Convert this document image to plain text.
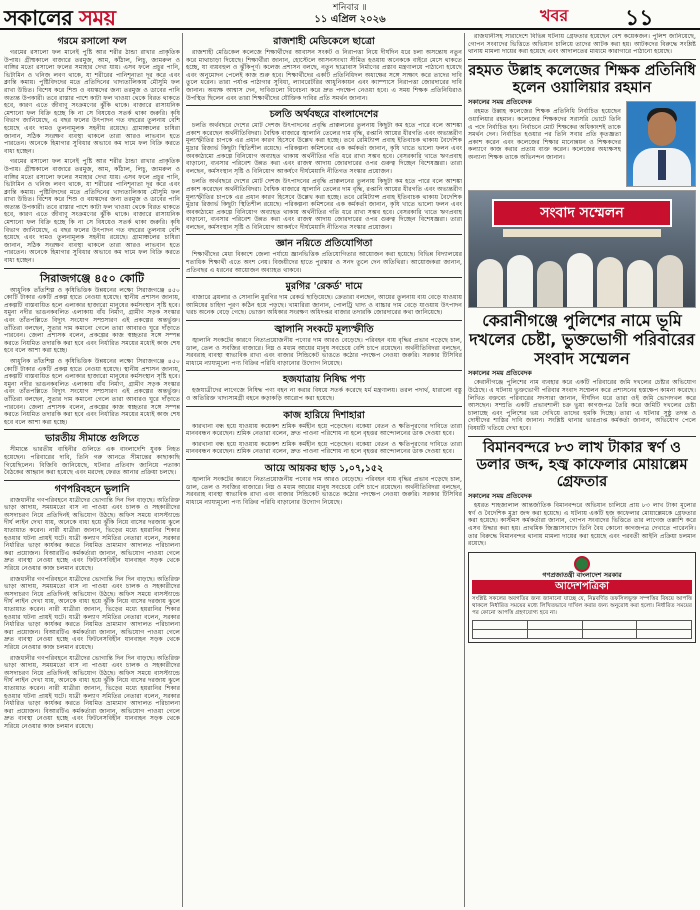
সকালের সময়	শনিবার ॥
১১ এপ্রিল ২০২৬	খবর	১১
গরমে রসালো ফল

গরমের রসালো ফল মানেই পুষ্টি আর শরীর ঠান্ডা রাখার প্রাকৃতিক উপায়। গ্রীষ্মকালে বাজারে তরমুজ, আম, কাঁঠাল, লিচু, জামরুল ও বাঙ্গির মতো রসালো ফলের সমাহার দেখা যায়। এসব ফলে প্রচুর পানি, ভিটামিন ও খনিজ লবণ থাকে, যা শরীরের পানিশূন্যতা দূর করে এবং ক্লান্তি কমায়। পুষ্টিবিদদের মতে প্রতিদিনের খাদ্যতালিকায় মৌসুমি ফল রাখা উচিত। বিশেষ করে শিশু ও বয়স্কদের জন্য তরমুজ ও ডাবের পানি অত্যন্ত উপকারী। তবে রাস্তার পাশে কাটা ফল খাওয়া থেকে বিরত থাকতে হবে, কারণ এতে জীবাণু সংক্রমণের ঝুঁকি থাকে। বাজারে রাসায়নিক মেশানো ফল বিক্রি হচ্ছে কি না সে বিষয়েও সতর্ক থাকা জরুরি। কৃষি বিভাগ জানিয়েছে, এ বছর ফলের উৎপাদন গত বছরের তুলনায় বেশি হয়েছে এবং দামও তুলনামূলক সহনীয় রয়েছে। গ্রামাঞ্চলের চাষিরা জানান, সঠিক সংরক্ষণ ব্যবস্থা থাকলে তারা আরও লাভবান হতে পারতেন। অনেকে হিমাগার সুবিধার অভাবে কম দামে ফল বিক্রি করতে বাধ্য হচ্ছেন।

গরমের রসালো ফল মানেই পুষ্টি আর শরীর ঠান্ডা রাখার প্রাকৃতিক উপায়। গ্রীষ্মকালে বাজারে তরমুজ, আম, কাঁঠাল, লিচু, জামরুল ও বাঙ্গির মতো রসালো ফলের সমাহার দেখা যায়। এসব ফলে প্রচুর পানি, ভিটামিন ও খনিজ লবণ থাকে, যা শরীরের পানিশূন্যতা দূর করে এবং ক্লান্তি কমায়। পুষ্টিবিদদের মতে প্রতিদিনের খাদ্যতালিকায় মৌসুমি ফল রাখা উচিত। বিশেষ করে শিশু ও বয়স্কদের জন্য তরমুজ ও ডাবের পানি অত্যন্ত উপকারী। তবে রাস্তার পাশে কাটা ফল খাওয়া থেকে বিরত থাকতে হবে, কারণ এতে জীবাণু সংক্রমণের ঝুঁকি থাকে। বাজারে রাসায়নিক মেশানো ফল বিক্রি হচ্ছে কি না সে বিষয়েও সতর্ক থাকা জরুরি। কৃষি বিভাগ জানিয়েছে, এ বছর ফলের উৎপাদন গত বছরের তুলনায় বেশি হয়েছে এবং দামও তুলনামূলক সহনীয় রয়েছে। গ্রামাঞ্চলের চাষিরা জানান, সঠিক সংরক্ষণ ব্যবস্থা থাকলে তারা আরও লাভবান হতে পারতেন। অনেকে হিমাগার সুবিধার অভাবে কম দামে ফল বিক্রি করতে বাধ্য হচ্ছেন।

সিরাজগঞ্জে ৪৫০ কোটি

আধুনিক তাঁতশিল্প ও কৃষিভিত্তিক উন্নয়নের লক্ষ্যে সিরাজগঞ্জে ৪৫০ কোটি টাকার একটি প্রকল্প হাতে নেওয়া হয়েছে। স্থানীয় প্রশাসন জানায়, প্রকল্পটি বাস্তবায়িত হলে এলাকার হাজারো মানুষের কর্মসংস্থান সৃষ্টি হবে। যমুনা নদীর ভাঙনকবলিত এলাকায় বাঁধ নির্মাণ, গ্রামীণ সড়ক সংস্কার এবং তাঁতপল্লিতে বিদ্যুৎ সংযোগ সম্প্রসারণ এই প্রকল্পের অন্তর্ভুক্ত। তাঁতিরা বলছেন, সুতার দাম কমানো গেলে তারা আবারও ঘুরে দাঁড়াতে পারবেন। জেলা প্রশাসক বলেন, প্রকল্পের কাজ স্বচ্ছতার সঙ্গে সম্পন্ন করতে নিয়মিত তদারকি করা হবে এবং নির্ধারিত সময়ের মধ্যেই কাজ শেষ হবে বলে আশা করা হচ্ছে।

আধুনিক তাঁতশিল্প ও কৃষিভিত্তিক উন্নয়নের লক্ষ্যে সিরাজগঞ্জে ৪৫০ কোটি টাকার একটি প্রকল্প হাতে নেওয়া হয়েছে। স্থানীয় প্রশাসন জানায়, প্রকল্পটি বাস্তবায়িত হলে এলাকার হাজারো মানুষের কর্মসংস্থান সৃষ্টি হবে। যমুনা নদীর ভাঙনকবলিত এলাকায় বাঁধ নির্মাণ, গ্রামীণ সড়ক সংস্কার এবং তাঁতপল্লিতে বিদ্যুৎ সংযোগ সম্প্রসারণ এই প্রকল্পের অন্তর্ভুক্ত। তাঁতিরা বলছেন, সুতার দাম কমানো গেলে তারা আবারও ঘুরে দাঁড়াতে পারবেন। জেলা প্রশাসক বলেন, প্রকল্পের কাজ স্বচ্ছতার সঙ্গে সম্পন্ন করতে নিয়মিত তদারকি করা হবে এবং নির্ধারিত সময়ের মধ্যেই কাজ শেষ হবে বলে আশা করা হচ্ছে।

ভারতীয় সীমান্তে গুলিতে

সীমান্তে ভারতীয় বাহিনীর গুলিতে এক বাংলাদেশি যুবক নিহত হয়েছেন। পরিবারের দাবি, তিনি গরু আনতে সীমান্তের কাছাকাছি গিয়েছিলেন। বিজিবি জানিয়েছে, ঘটনার প্রতিবাদ জানিয়ে পতাকা বৈঠকের আহ্বান করা হয়েছে এবং মরদেহ ফেরত আনার প্রক্রিয়া চলছে।

গণপরিবহনে ভুলানি

রাজধানীর গণপরিবহনে যাত্রীদের ভোগান্তি দিন দিন বাড়ছে। অতিরিক্ত ভাড়া আদায়, সময়মতো বাস না পাওয়া এবং চালক ও সহকারীদের অসদাচরণ নিয়ে প্রতিদিনই অভিযোগ উঠছে। অফিস সময়ে বাসস্ট্যান্ডে দীর্ঘ লাইন দেখা যায়, অনেকে বাধ্য হয়ে ঝুঁকি নিয়ে বাসের দরজায় ঝুলে যাতায়াত করেন। নারী যাত্রীরা জানান, ভিড়ের মধ্যে হয়রানির শিকার হওয়ার ঘটনা প্রায়ই ঘটে। যাত্রী কল্যাণ সমিতির নেতারা বলেন, সরকার নির্ধারিত ভাড়া কার্যকর করতে নিয়মিত ভ্রাম্যমাণ আদালত পরিচালনা করা প্রয়োজন। বিআরটিএ কর্মকর্তারা জানান, অভিযোগ পাওয়া গেলে দ্রুত ব্যবস্থা নেওয়া হচ্ছে এবং ফিটনেসবিহীন যানবাহন সড়ক থেকে সরিয়ে নেওয়ার কাজ চলমান রয়েছে।

রাজধানীর গণপরিবহনে যাত্রীদের ভোগান্তি দিন দিন বাড়ছে। অতিরিক্ত ভাড়া আদায়, সময়মতো বাস না পাওয়া এবং চালক ও সহকারীদের অসদাচরণ নিয়ে প্রতিদিনই অভিযোগ উঠছে। অফিস সময়ে বাসস্ট্যান্ডে দীর্ঘ লাইন দেখা যায়, অনেকে বাধ্য হয়ে ঝুঁকি নিয়ে বাসের দরজায় ঝুলে যাতায়াত করেন। নারী যাত্রীরা জানান, ভিড়ের মধ্যে হয়রানির শিকার হওয়ার ঘটনা প্রায়ই ঘটে। যাত্রী কল্যাণ সমিতির নেতারা বলেন, সরকার নির্ধারিত ভাড়া কার্যকর করতে নিয়মিত ভ্রাম্যমাণ আদালত পরিচালনা করা প্রয়োজন। বিআরটিএ কর্মকর্তারা জানান, অভিযোগ পাওয়া গেলে দ্রুত ব্যবস্থা নেওয়া হচ্ছে এবং ফিটনেসবিহীন যানবাহন সড়ক থেকে সরিয়ে নেওয়ার কাজ চলমান রয়েছে।

রাজধানীর গণপরিবহনে যাত্রীদের ভোগান্তি দিন দিন বাড়ছে। অতিরিক্ত ভাড়া আদায়, সময়মতো বাস না পাওয়া এবং চালক ও সহকারীদের অসদাচরণ নিয়ে প্রতিদিনই অভিযোগ উঠছে। অফিস সময়ে বাসস্ট্যান্ডে দীর্ঘ লাইন দেখা যায়, অনেকে বাধ্য হয়ে ঝুঁকি নিয়ে বাসের দরজায় ঝুলে যাতায়াত করেন। নারী যাত্রীরা জানান, ভিড়ের মধ্যে হয়রানির শিকার হওয়ার ঘটনা প্রায়ই ঘটে। যাত্রী কল্যাণ সমিতির নেতারা বলেন, সরকার নির্ধারিত ভাড়া কার্যকর করতে নিয়মিত ভ্রাম্যমাণ আদালত পরিচালনা করা প্রয়োজন। বিআরটিএ কর্মকর্তারা জানান, অভিযোগ পাওয়া গেলে দ্রুত ব্যবস্থা নেওয়া হচ্ছে এবং ফিটনেসবিহীন যানবাহন সড়ক থেকে সরিয়ে নেওয়ার কাজ চলমান রয়েছে।

রাজশাহী মেডিকেলে ছাত্রো

রাজশাহী মেডিকেল কলেজে শিক্ষার্থীদের আবাসন সংকট ও নিরাপত্তা নিয়ে দীর্ঘদিন ধরে চলা অসন্তোষ নতুন করে মাথাচাড়া দিয়েছে। শিক্ষার্থীরা জানান, হোস্টেলে আসনসংখ্যা সীমিত হওয়ায় অনেককে বাইরে মেসে থাকতে হচ্ছে, যা ব্যয়বহুল ও ঝুঁকিপূর্ণ। কলেজ প্রশাসন বলছে, নতুন ছাত্রাবাস নির্মাণের প্রস্তাব মন্ত্রণালয়ে পাঠানো হয়েছে এবং অনুমোদন পেলেই কাজ শুরু হবে। শিক্ষার্থীদের একটি প্রতিনিধিদল অধ্যক্ষের সঙ্গে সাক্ষাৎ করে তাদের দাবি তুলে ধরেন। তারা পর্যাপ্ত পাঠাগার সুবিধা, ল্যাবরেটরির আধুনিকায়ন এবং ক্যাম্পাসে নিরাপত্তা জোরদারের দাবি জানান। অধ্যক্ষ আশ্বাস দেন, দাবিগুলো বিবেচনা করে দ্রুত পদক্ষেপ নেওয়া হবে। এ সময় শিক্ষক প্রতিনিধিরাও উপস্থিত ছিলেন এবং তারা শিক্ষার্থীদের যৌক্তিক দাবির প্রতি সমর্থন জানান।

চলতি অর্থবছরে বাংলাদেশের

চলতি অর্থবছরে দেশের মোট দেশজ উৎপাদনের প্রবৃদ্ধি প্রাক্কলনের তুলনায় কিছুটা কম হতে পারে বলে আশঙ্কা প্রকাশ করেছেন অর্থনীতিবিদরা। বৈশ্বিক বাজারে জ্বালানি তেলের দাম বৃদ্ধি, রপ্তানি আয়ের ধীরগতি এবং অভ্যন্তরীণ মূল্যস্ফীতির চাপকে এর প্রধান কারণ হিসেবে উল্লেখ করা হচ্ছে। তবে রেমিট্যান্স প্রবাহ ইতিবাচক থাকায় বৈদেশিক মুদ্রার রিজার্ভ কিছুটা স্থিতিশীল রয়েছে। পরিকল্পনা কমিশনের এক কর্মকর্তা জানান, কৃষি খাতে ভালো ফলন এবং অবকাঠামো প্রকল্পে বিনিয়োগ অব্যাহত থাকায় অর্থনীতির গতি ধরে রাখা সম্ভব হবে। বেসরকারি খাতে ঋণপ্রবাহ বাড়ানো, ব্যবসার পরিবেশ উন্নত করা এবং রাজস্ব আদায় জোরদারের ওপর গুরুত্ব দিচ্ছেন বিশেষজ্ঞরা। তারা বলছেন, কর্মসংস্থান সৃষ্টি ও বিনিয়োগ আকর্ষণে দীর্ঘমেয়াদি নীতিগত সংস্কার প্রয়োজন।

চলতি অর্থবছরে দেশের মোট দেশজ উৎপাদনের প্রবৃদ্ধি প্রাক্কলনের তুলনায় কিছুটা কম হতে পারে বলে আশঙ্কা প্রকাশ করেছেন অর্থনীতিবিদরা। বৈশ্বিক বাজারে জ্বালানি তেলের দাম বৃদ্ধি, রপ্তানি আয়ের ধীরগতি এবং অভ্যন্তরীণ মূল্যস্ফীতির চাপকে এর প্রধান কারণ হিসেবে উল্লেখ করা হচ্ছে। তবে রেমিট্যান্স প্রবাহ ইতিবাচক থাকায় বৈদেশিক মুদ্রার রিজার্ভ কিছুটা স্থিতিশীল রয়েছে। পরিকল্পনা কমিশনের এক কর্মকর্তা জানান, কৃষি খাতে ভালো ফলন এবং অবকাঠামো প্রকল্পে বিনিয়োগ অব্যাহত থাকায় অর্থনীতির গতি ধরে রাখা সম্ভব হবে। বেসরকারি খাতে ঋণপ্রবাহ বাড়ানো, ব্যবসার পরিবেশ উন্নত করা এবং রাজস্ব আদায় জোরদারের ওপর গুরুত্ব দিচ্ছেন বিশেষজ্ঞরা। তারা বলছেন, কর্মসংস্থান সৃষ্টি ও বিনিয়োগ আকর্ষণে দীর্ঘমেয়াদি নীতিগত সংস্কার প্রয়োজন।

জ্ঞান নয়িতে প্রতিযোগিতা

শিক্ষার্থীদের মেধা বিকাশে জেলা পর্যায়ে জ্ঞানভিত্তিক প্রতিযোগিতার আয়োজন করা হয়েছে। বিভিন্ন বিদ্যালয়ের শতাধিক শিক্ষার্থী এতে অংশ নেয়। বিজয়ীদের হাতে পুরস্কার ও সনদ তুলে দেন অতিথিরা। আয়োজকরা জানান, প্রতিবছর এ ধরনের আয়োজন অব্যাহত থাকবে।

মুরগির 'রেকর্ড' দামে

বাজারে ব্রয়লার ও সোনালি মুরগির দাম রেকর্ড ছাড়িয়েছে। ক্রেতারা বলছেন, আয়ের তুলনায় ব্যয় বেড়ে যাওয়ায় আমিষের চাহিদা পূরণ কঠিন হয়ে পড়ছে। খামারিরা জানান, পোলট্রি খাদ্য ও বাচ্চার দাম বেড়ে যাওয়ায় উৎপাদন খরচ অনেক বেড়ে গেছে। ভোক্তা অধিকার সংরক্ষণ অধিদপ্তর বাজার তদারকি জোরদারের কথা জানিয়েছে।

জ্বালানি সংকটে মূল্যস্ফীতি

জ্বালানি সংকটের কারণে নিত্যপ্রয়োজনীয় পণ্যের দাম আরও বেড়েছে। পরিবহন ব্যয় বৃদ্ধির প্রভাব পড়েছে চাল, ডাল, তেল ও সবজির বাজারে। নিম্ন ও মধ্যম আয়ের মানুষ সবচেয়ে বেশি চাপে রয়েছেন। অর্থনীতিবিদরা বলছেন, সরবরাহ ব্যবস্থা স্বাভাবিক রাখা এবং বাজার সিন্ডিকেট ভাঙতে কঠোর পদক্ষেপ নেওয়া জরুরি। সরকার টিসিবির মাধ্যমে ন্যায্যমূল্যে পণ্য বিক্রির পরিধি বাড়ানোর উদ্যোগ নিয়েছে।

হজযাত্রায় নিষিদ্ধ পণ্য

হজযাত্রীদের লাগেজে নিষিদ্ধ পণ্য বহন না করার বিষয়ে সতর্ক করেছে ধর্ম মন্ত্রণালয়। তরল পদার্থ, ধারালো বস্তু ও অতিরিক্ত খাদ্যসামগ্রী বহনে কড়াকড়ি আরোপ করা হয়েছে।

কাজ হারিয়ে দিশাহারা

কারখানা বন্ধ হয়ে যাওয়ায় কয়েকশ শ্রমিক কর্মহীন হয়ে পড়েছেন। বকেয়া বেতন ও ক্ষতিপূরণের দাবিতে তারা মানববন্ধন করেছেন। শ্রমিক নেতারা বলেন, দ্রুত পাওনা পরিশোধ না হলে বৃহত্তর আন্দোলনের ডাক দেওয়া হবে।

কারখানা বন্ধ হয়ে যাওয়ায় কয়েকশ শ্রমিক কর্মহীন হয়ে পড়েছেন। বকেয়া বেতন ও ক্ষতিপূরণের দাবিতে তারা মানববন্ধন করেছেন। শ্রমিক নেতারা বলেন, দ্রুত পাওনা পরিশোধ না হলে বৃহত্তর আন্দোলনের ডাক দেওয়া হবে।

আয়ে আয়কর ছাড় ১,০৭,১৫২

জ্বালানি সংকটের কারণে নিত্যপ্রয়োজনীয় পণ্যের দাম আরও বেড়েছে। পরিবহন ব্যয় বৃদ্ধির প্রভাব পড়েছে চাল, ডাল, তেল ও সবজির বাজারে। নিম্ন ও মধ্যম আয়ের মানুষ সবচেয়ে বেশি চাপে রয়েছেন। অর্থনীতিবিদরা বলছেন, সরবরাহ ব্যবস্থা স্বাভাবিক রাখা এবং বাজার সিন্ডিকেট ভাঙতে কঠোর পদক্ষেপ নেওয়া জরুরি। সরকার টিসিবির মাধ্যমে ন্যায্যমূল্যে পণ্য বিক্রির পরিধি বাড়ানোর উদ্যোগ নিয়েছে।

রাজধানীসহ সারাদেশে বিভিন্ন ঘটনায় গ্রেফতার হয়েছেন বেশ কয়েকজন। পুলিশ জানিয়েছে, গোপন সংবাদের ভিত্তিতে অভিযান চালিয়ে তাদের আটক করা হয়। আটকদের বিরুদ্ধে সংশ্লিষ্ট থানায় মামলা দায়ের করা হয়েছে এবং আদালতের মাধ্যমে কারাগারে পাঠানো হয়েছে।

রহমত উল্লাহ কলেজের শিক্ষক প্রতিনিধি হলেন ওয়ালিয়ার রহমান
সকালের সময় প্রতিবেদক

রহমত উল্লাহ কলেজের শিক্ষক প্রতিনিধি নির্বাচিত হয়েছেন ওয়ালিয়ার রহমান। কলেজের শিক্ষকদের সরাসরি ভোটে তিনি এ পদে নির্বাচিত হন। নির্বাচনে মোট শিক্ষকের অধিকাংশই তাকে সমর্থন দেন। নির্বাচিত হওয়ার পর তিনি সবার প্রতি কৃতজ্ঞতা প্রকাশ করেন এবং কলেজের শিক্ষার মানোন্নয়ন ও শিক্ষকদের কল্যাণে কাজ করার প্রত্যয় ব্যক্ত করেন। কলেজের অধ্যক্ষসহ অন্যান্য শিক্ষক তাকে অভিনন্দন জানান।

সংবাদ সম্মেলন
কেরানীগঞ্জে পুলিশের নামে ভূমি দখলের চেষ্টা, ভুক্তভোগী পরিবারের সংবাদ সম্মেলন
সকালের সময় প্রতিবেদক

কেরানীগঞ্জে পুলিশের নাম ব্যবহার করে একটি পরিবারের জমি দখলের চেষ্টার অভিযোগ উঠেছে। এ ঘটনায় ভুক্তভোগী পরিবার সংবাদ সম্মেলন করে প্রশাসনের হস্তক্ষেপ কামনা করেছে। লিখিত বক্তব্যে পরিবারের সদস্যরা জানান, দীর্ঘদিন ধরে তারা ওই জমি ভোগদখল করে আসছেন। সম্প্রতি একটি প্রভাবশালী চক্র ভুয়া কাগজপত্র তৈরি করে জমিটি দখলের চেষ্টা চালাচ্ছে এবং পুলিশের ভয় দেখিয়ে তাদের হুমকি দিচ্ছে। তারা এ ঘটনার সুষ্ঠু তদন্ত ও দোষীদের শাস্তির দাবি জানান। সংশ্লিষ্ট থানার ভারপ্রাপ্ত কর্মকর্তা জানান, অভিযোগ পেলে বিষয়টি খতিয়ে দেখা হবে।

বিমানবন্দরে ৮৩ লাখ টাকার স্বর্ণ ও ডলার জব্দ, হজ্ব কাফেলার মোয়াল্লেম গ্রেফতার
সকালের সময় প্রতিবেদক

হযরত শাহজালাল আন্তর্জাতিক বিমানবন্দরে অভিযান চালিয়ে প্রায় ৮৩ লাখ টাকা মূল্যের স্বর্ণ ও বৈদেশিক মুদ্রা জব্দ করা হয়েছে। এ ঘটনায় একটি হজ কাফেলার মোয়াল্লেমকে গ্রেফতার করা হয়েছে। কাস্টমস কর্মকর্তারা জানান, গোপন সংবাদের ভিত্তিতে তার লাগেজ তল্লাশি করে এসব উদ্ধার করা হয়। প্রাথমিক জিজ্ঞাসাবাদে তিনি বৈধ কোনো কাগজপত্র দেখাতে পারেননি। তার বিরুদ্ধে বিমানবন্দর থানায় মামলা দায়ের করা হয়েছে এবং পরবর্তী আইনি প্রক্রিয়া চলমান রয়েছে।

গণপ্রজাতন্ত্রী বাংলাদেশ সরকার
আদেশপত্রিকা

সংশ্লিষ্ট সকলের অবগতির জন্য জানানো যাচ্ছে যে, নিম্নবর্ণিত তফসিলভুক্ত সম্পত্তির বিষয়ে আপত্তি থাকলে নির্ধারিত সময়ের মধ্যে লিখিতভাবে দাখিল করার জন্য অনুরোধ করা হলো। নির্ধারিত সময়ের পর কোনো আপত্তি গ্রহণযোগ্য হবে না।
